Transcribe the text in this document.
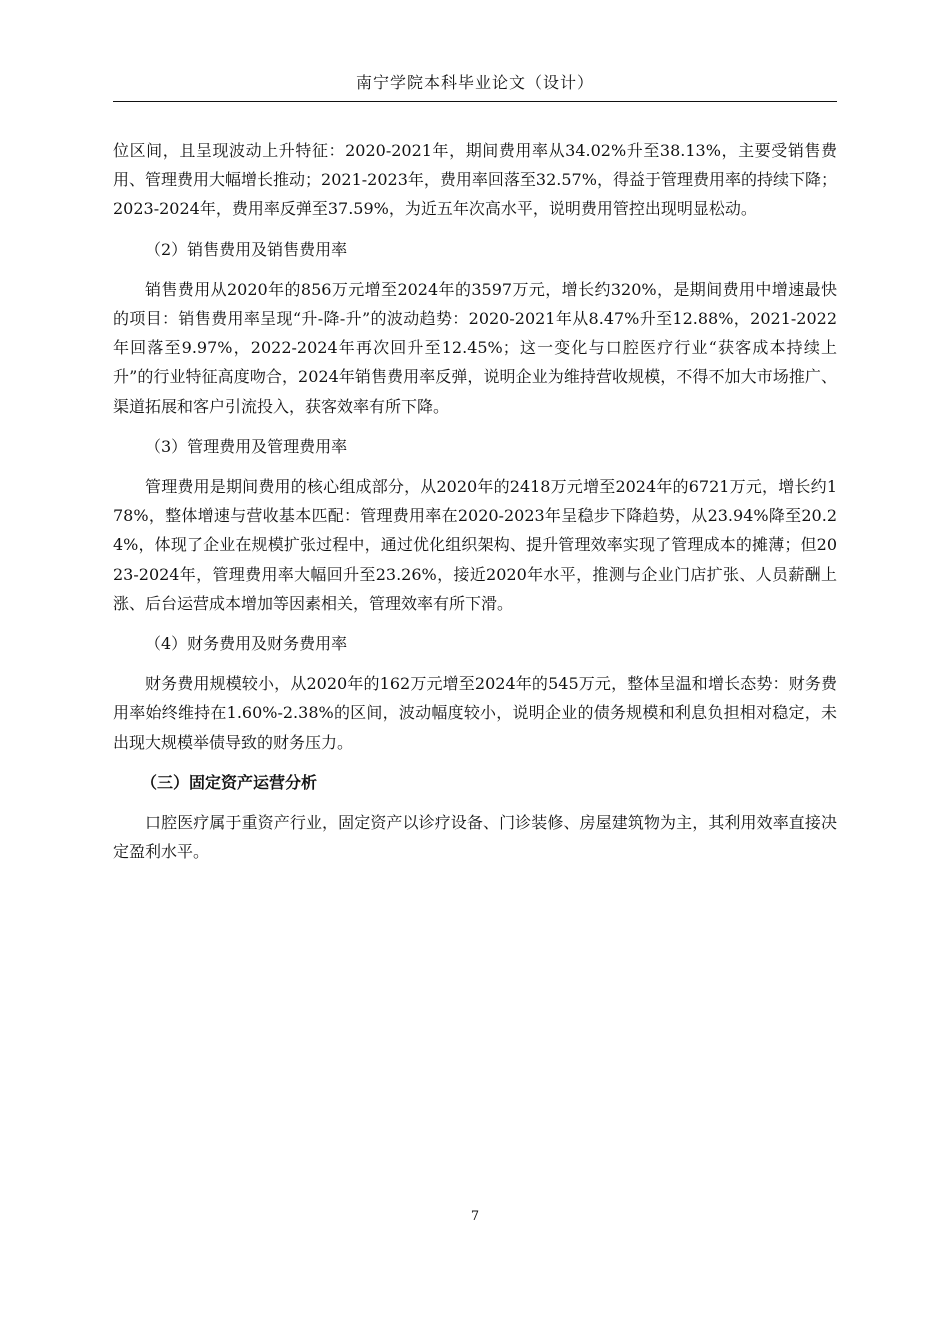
南宁学院本科毕业论文（设计）

位区间，且呈现波动上升特征：2020-2021年，期间费用率从34.02%升至38.13%，主要受销售费用、管理费用大幅增长推动；2021-2023年，费用率回落至32.57%，得益于管理费用率的持续下降；2023-2024年，费用率反弹至37.59%，为近五年次高水平，说明费用管控出现明显松动。

（2）销售费用及销售费用率

销售费用从2020年的856万元增至2024年的3597万元，增长约320%，是期间费用中增速最快的项目：销售费用率呈现“升-降-升”的波动趋势：2020-2021年从8.47%升至12.88%，2021-2022年回落至9.97%，2022-2024年再次回升至12.45%；这一变化与口腔医疗行业“获客成本持续上升”的行业特征高度吻合，2024年销售费用率反弹，说明企业为维持营收规模，不得不加大市场推广、渠道拓展和客户引流投入，获客效率有所下降。

（3）管理费用及管理费用率

管理费用是期间费用的核心组成部分，从2020年的2418万元增至2024年的6721万元，增长约178%，整体增速与营收基本匹配：管理费用率在2020-2023年呈稳步下降趋势，从23.94%降至20.24%，体现了企业在规模扩张过程中，通过优化组织架构、提升管理效率实现了管理成本的摊薄；但2023-2024年，管理费用率大幅回升至23.26%，接近2020年水平，推测与企业门店扩张、人员薪酬上涨、后台运营成本增加等因素相关，管理效率有所下滑。

（4）财务费用及财务费用率

财务费用规模较小，从2020年的162万元增至2024年的545万元，整体呈温和增长态势：财务费用率始终维持在1.60%-2.38%的区间，波动幅度较小，说明企业的债务规模和利息负担相对稳定，未出现大规模举债导致的财务压力。

（三）固定资产运营分析

口腔医疗属于重资产行业，固定资产以诊疗设备、门诊装修、房屋建筑物为主，其利用效率直接决定盈利水平。

7
